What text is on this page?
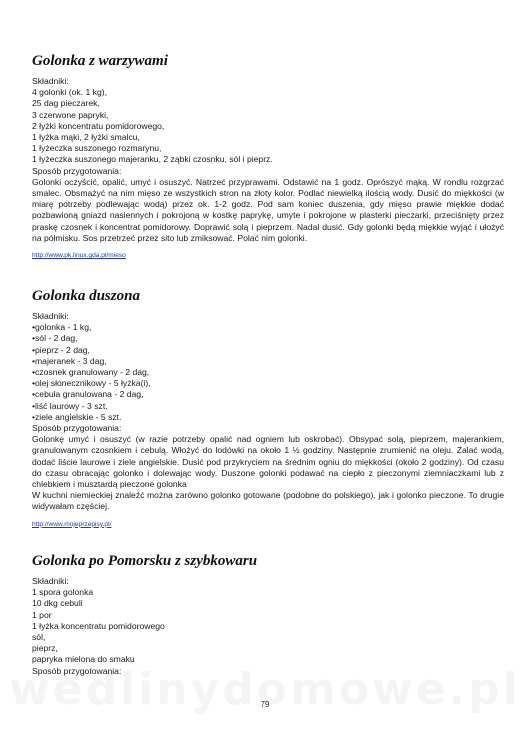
Golonka z warzywami
Składniki:
4 golonki (ok. 1 kg),
25 dag pieczarek,
3 czerwone papryki,
2 łyżki koncentratu pomidorowego,
1 łyżka mąki, 2 łyżki smalcu,
1 łyżeczka suszonego rozmarynu,
1 łyżeczka suszonego majeranku, 2 ząbki czosnku, sól i pieprz.
Sposób przygotowania:

Golonki oczyścić, opalić, umyć i osuszyć. Natrzeć przyprawami. Odstawić na 1 godz. Oprószyć mąką. W rondlu rozgrzać smalec. Obsmażyć na nim mięso ze wszystkich stron na złoty kolor. Podlać niewielką ilością wody. Dusić do miękkości (w miarę potrzeby podlewając wodą) przez ok. 1-2 godz. Pod sam koniec duszenia, gdy mięso prawie miękkie dodać pozbawioną gniazd nasiennych i pokrojoną w kostkę paprykę, umyte i pokrojone w plasterki pieczarki, przeciśnięty przez praskę czosnek i koncentrat pomidorowy. Doprawić solą i pieprzem. Nadal dusić. Gdy golonki będą miękkie wyjąć i ułożyć na półmisku. Sos przetrzeć przez sito lub zmiksować. Polać nim golonki.

http://www.pk.linux.gda.pl/mieso
Golonka duszona
Składniki:
•golonka - 1 kg,
•sól - 2 dag,
•pieprz - 2 dag,
•majeranek - 3 dag,
•czosnek granulowany - 2 dag,
•olej słonecznikowy - 5 łyżka(i),
•cebula granulowana - 2 dag,
•liść laurowy - 3 szt.
•ziele angielskie - 5 szt.
Sposób przygotowania:

Golonkę umyć i osuszyć (w razie potrzeby opalić nad ogniem lub oskrobać). Obsypać solą, pieprzem, majerankiem, granulowanym czosnkiem i cebulą. Włożyć do lodówki na około 1 ½ godziny. Następnie zrumienić na oleju. Zalać wodą, dodać liście laurowe i ziele angielskie. Dusić pod przykryciem na średnim ogniu do miękkości (około 2 godziny). Od czasu do czasu obracając golonko i dolewając wody. Duszone golonki podawać na ciepło z pieczonymi ziemniaczkami lub z chlebkiem i musztardą pieczone golonka
W kuchni niemieckiej znaleźć można zarówno golonko gotowane (podobne do polskiego), jak i golonko pieczone. To drugie widywałam częściej.

http://www.mojeprzepisy.pl/
Golonka po Pomorsku z szybkowaru
Składniki:
1 spora golonka
10 dkg cebuli
1 por
1 łyżka koncentratu pomidorowego
sól,
pieprz,
papryka mielona do smaku
Sposób przygotowania:
79
